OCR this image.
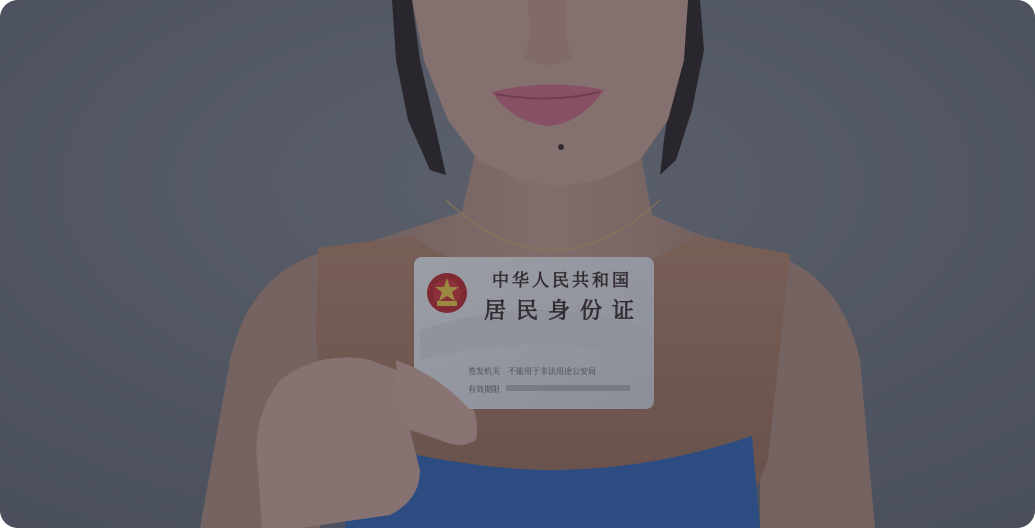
中华人民共和国
居民身份证
签发机关 不能用于非法用途公安局
有效期限
